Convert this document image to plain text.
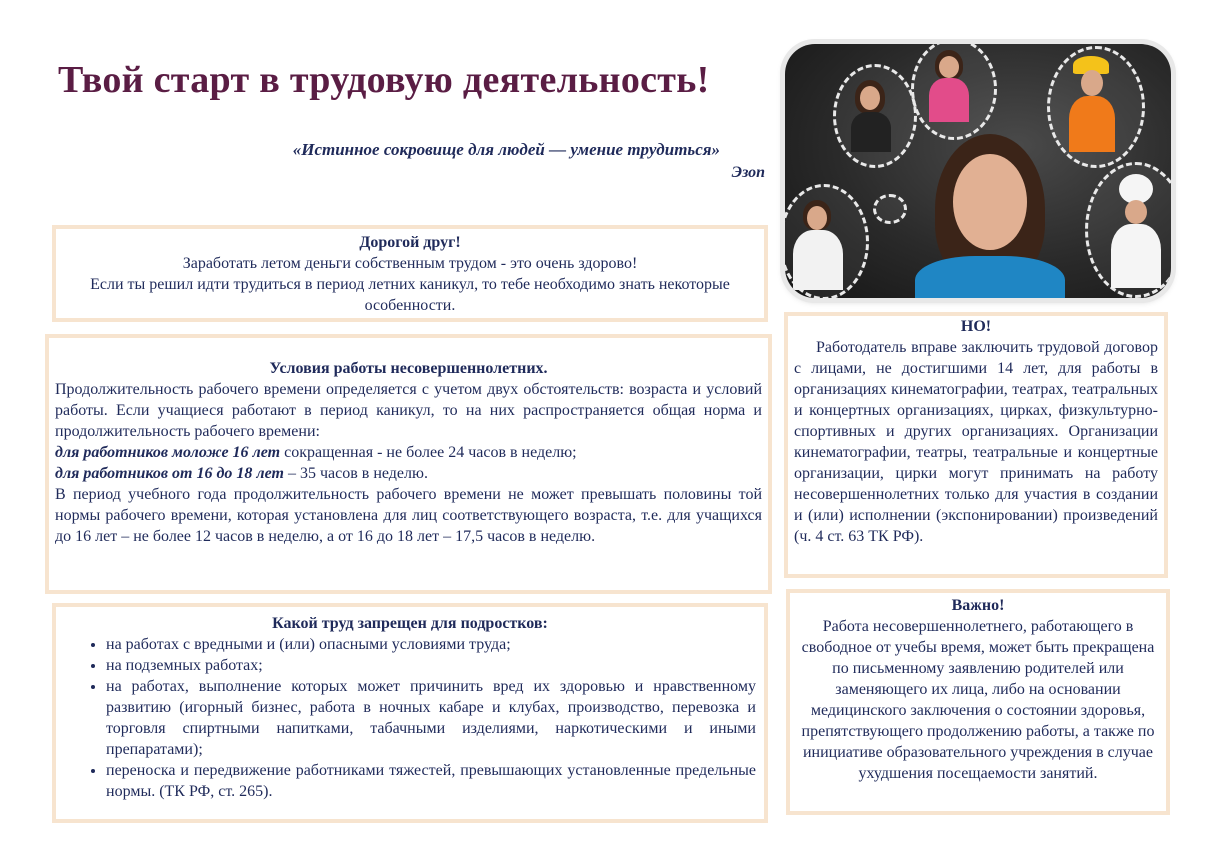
Твой старт в трудовую деятельность!
«Истинное сокровище для людей — умение трудиться»
Эзоп
Дорогой друг!
Заработать летом деньги собственным трудом - это очень здорово!
Если ты решил идти трудиться в период летних каникул, то тебе необходимо знать некоторые особенности.
Условия работы несовершеннолетних.

Продолжительность рабочего времени определяется с учетом двух обстоятельств: возраста и условий работы. Если учащиеся работают в период каникул, то на них распространяется общая норма и продолжительность рабочего времени:

для работников моложе 16 лет сокращенная - не более 24 часов в неделю;

для работников от 16 до 18 лет – 35 часов в неделю.

В период учебного года продолжительность рабочего времени не может превышать половины той нормы рабочего времени, которая установлена для лиц соответствующего возраста, т.е. для учащихся до 16 лет – не более 12 часов в неделю, а от 16 до 18 лет – 17,5 часов в неделю.

Какой труд запрещен для подростков:
• на работах с вредными и (или) опасными условиями труда;
• на подземных работах;
• на работах, выполнение которых может причинить вред их здоровью и нравственному развитию (игорный бизнес, работа в ночных кабаре и клубах, производство, перевозка и торговля спиртными напитками, табачными изделиями, наркотическими и иными препаратами);
• переноска и передвижение работниками тяжестей, превышающих установленные предельные нормы. (ТК РФ, ст. 265).
НО!

Работодатель вправе заключить трудовой договор с лицами, не достигшими 14 лет, для работы в организациях кинематографии, театрах, театральных и концертных организациях, цирках, физкультурно-спортивных и других организациях. Организации кинематографии, театры, театральные и концертные организации, цирки могут принимать на работу несовершеннолетних только для участия в создании и (или) исполнении (экспонировании) произведений (ч. 4 ст. 63 ТК РФ).

Важно!
Работа несовершеннолетнего, работающего в свободное от учебы время, может быть прекращена по письменному заявлению родителей или заменяющего их лица, либо на основании медицинского заключения о состоянии здоровья, препятствующего продолжению работы, а также по инициативе образовательного учреждения в случае ухудшения посещаемости занятий.
